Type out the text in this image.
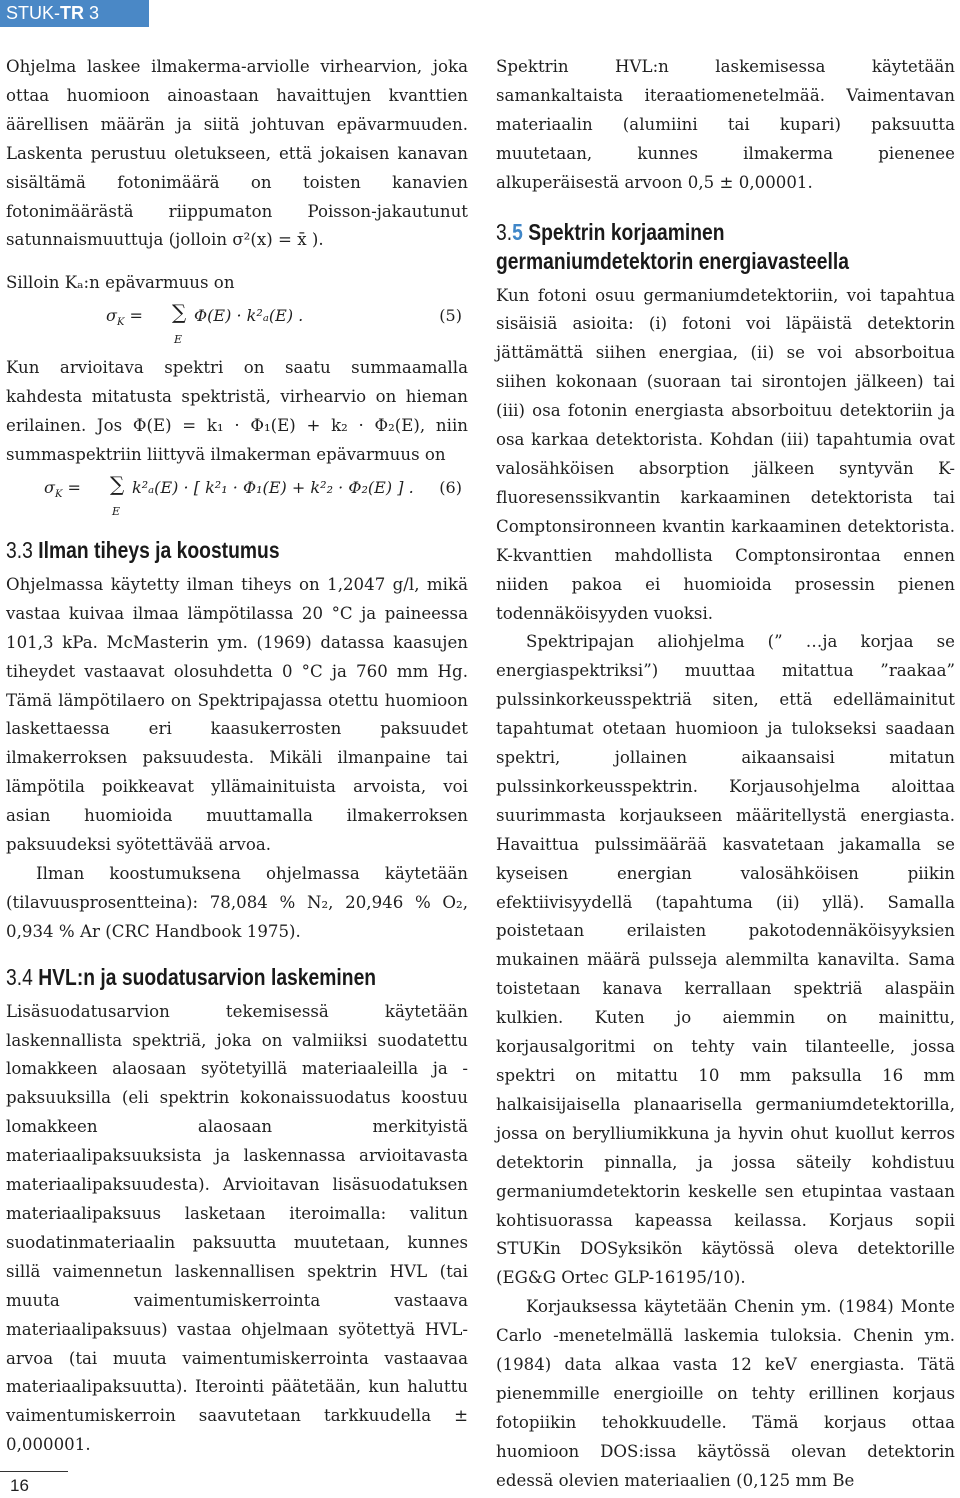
STUK-TR 3

Ohjelma laskee ilmakerma-arviolle virhearvion, joka ottaa huomioon ainoastaan havaittujen kvanttien äärellisen määrän ja siitä johtuvan epävarmuuden. Laskenta perustuu oletukseen, että jokaisen kanavan sisältämä fotonimäärä on toisten kanavien fotonimäärästä riippumaton Poisson-jakautunut satunnaismuuttuja (jolloin σ²(x) = x̄ ).

Silloin Kₐ:n epävarmuus on

$\sigma_K$ = ∑
E
Φ(E) · k²ₐ(E) .	(5)

Kun arvioitava spektri on saatu summaamalla kahdesta mitatusta spektristä, virhearvio on hieman erilainen. Jos Φ(E) = k₁ · Φ₁(E) + k₂ · Φ₂(E), niin summaspektriin liittyvä ilmakerman epävarmuus on

$\sigma_K$ = ∑
E
k²ₐ(E) · [ k²₁ · Φ₁(E) + k²₂ · Φ₂(E) ] . (6)
3.3 Ilman tiheys ja koostumus

Ohjelmassa käytetty ilman tiheys on 1,2047 g/l, mikä vastaa kuivaa ilmaa lämpötilassa 20 °C ja paineessa 101,3 kPa. McMasterin ym. (1969) datassa kaasujen tiheydet vastaavat olosuhdetta 0 °C ja 760 mm Hg. Tämä lämpötilaero on Spektripajassa otettu huomioon laskettaessa eri kaasukerrosten paksuudet ilmakerroksen paksuudesta. Mikäli ilmanpaine tai lämpötila poikkeavat yllämainituista arvoista, voi asian huomioida muuttamalla ilmakerroksen paksuudeksi syötettävää arvoa.

Ilman koostumuksena ohjelmassa käytetään (tilavuusprosentteina): 78,084 % N₂, 20,946 % O₂, 0,934 % Ar (CRC Handbook 1975).

3.4 HVL:n ja suodatusarvion laskeminen

Lisäsuodatusarvion tekemisessä käytetään laskennallista spektriä, joka on valmiiksi suodatettu lomakkeen alaosaan syötetyillä materiaaleilla ja -paksuuksilla (eli spektrin kokonaissuodatus koostuu lomakkeen alaosaan merkityistä materiaalipaksuuksista ja laskennassa arvioitavasta materiaalipaksuudesta). Arvioitavan lisäsuodatuksen materiaalipaksuus lasketaan iteroimalla: valitun suodatinmateriaalin paksuutta muutetaan, kunnes sillä vaimennetun laskennallisen spektrin HVL (tai muuta vaimentumiskerrointa vastaava materiaalipaksuus) vastaa ohjelmaan syötettyä HVL-arvoa (tai muuta vaimentumiskerrointa vastaavaa materiaalipaksuutta). Iterointi päätetään, kun haluttu vaimentumiskerroin saavutetaan tarkkuudella ± 0,000001.

Spektrin HVL:n laskemisessa käytetään samankaltaista iteraatiomenetelmää. Vaimentavan materiaalin (alumiini tai kupari) paksuutta muutetaan, kunnes ilmakerma pienenee alkuperäisestä arvoon 0,5 ± 0,00001.

3.5 Spektrin korjaaminen
germaniumdetektorin energiavasteella

Kun fotoni osuu germaniumdetektoriin, voi tapahtua sisäisiä asioita: (i) fotoni voi läpäistä detektorin jättämättä siihen energiaa, (ii) se voi absorboitua siihen kokonaan (suoraan tai sirontojen jälkeen) tai (iii) osa fotonin energiasta absorboituu detektoriin ja osa karkaa detektorista. Kohdan (iii) tapahtumia ovat valosähköisen absorption jälkeen syntyvän K-fluoresenssikvantin karkaaminen detektorista tai Comptonsironneen kvantin karkaaminen detektorista. K-kvanttien mahdollista Comptonsirontaa ennen niiden pakoa ei huomioida prosessin pienen todennäköisyyden vuoksi.

Spektripajan aliohjelma (” …ja korjaa se energiaspektriksi”) muuttaa mitattua ”raakaa” pulssinkorkeusspektriä siten, että edellämainitut tapahtumat otetaan huomioon ja tulokseksi saadaan spektri, jollainen aikaansaisi mitatun pulssinkorkeusspektrin. Korjausohjelma aloittaa suurimmasta korjaukseen määritellystä energiasta. Havaittua pulssimäärää kasvatetaan jakamalla se kyseisen energian valosähköisen piikin efektiivisyydellä (tapahtuma (ii) yllä). Samalla poistetaan erilaisten pakotodennäköisyyksien mukainen määrä pulsseja alemmilta kanavilta. Sama toistetaan kanava kerrallaan spektriä alaspäin kulkien. Kuten jo aiemmin on mainittu, korjausalgoritmi on tehty vain tilanteelle, jossa spektri on mitattu 10 mm paksulla 16 mm halkaisijaisella planaarisella germaniumdetektorilla, jossa on berylliumikkuna ja hyvin ohut kuollut kerros detektorin pinnalla, ja jossa säteily kohdistuu germaniumdetektorin keskelle sen etupintaa vastaan kohtisuorassa kapeassa keilassa. Korjaus sopii STUKin DOSyksikön käytössä oleva detektorille (EG&G Ortec GLP-16195/10).

Korjauksessa käytetään Chenin ym. (1984) Monte Carlo -menetelmällä laskemia tuloksia. Chenin ym. (1984) data alkaa vasta 12 keV energiasta. Tätä pienemmille energioille on tehty erillinen korjaus fotopiikin tehokkuudelle. Tämä korjaus ottaa huomioon DOS:issa käytössä olevan detektorin edessä olevien materiaalien (0,125 mm Be

16
